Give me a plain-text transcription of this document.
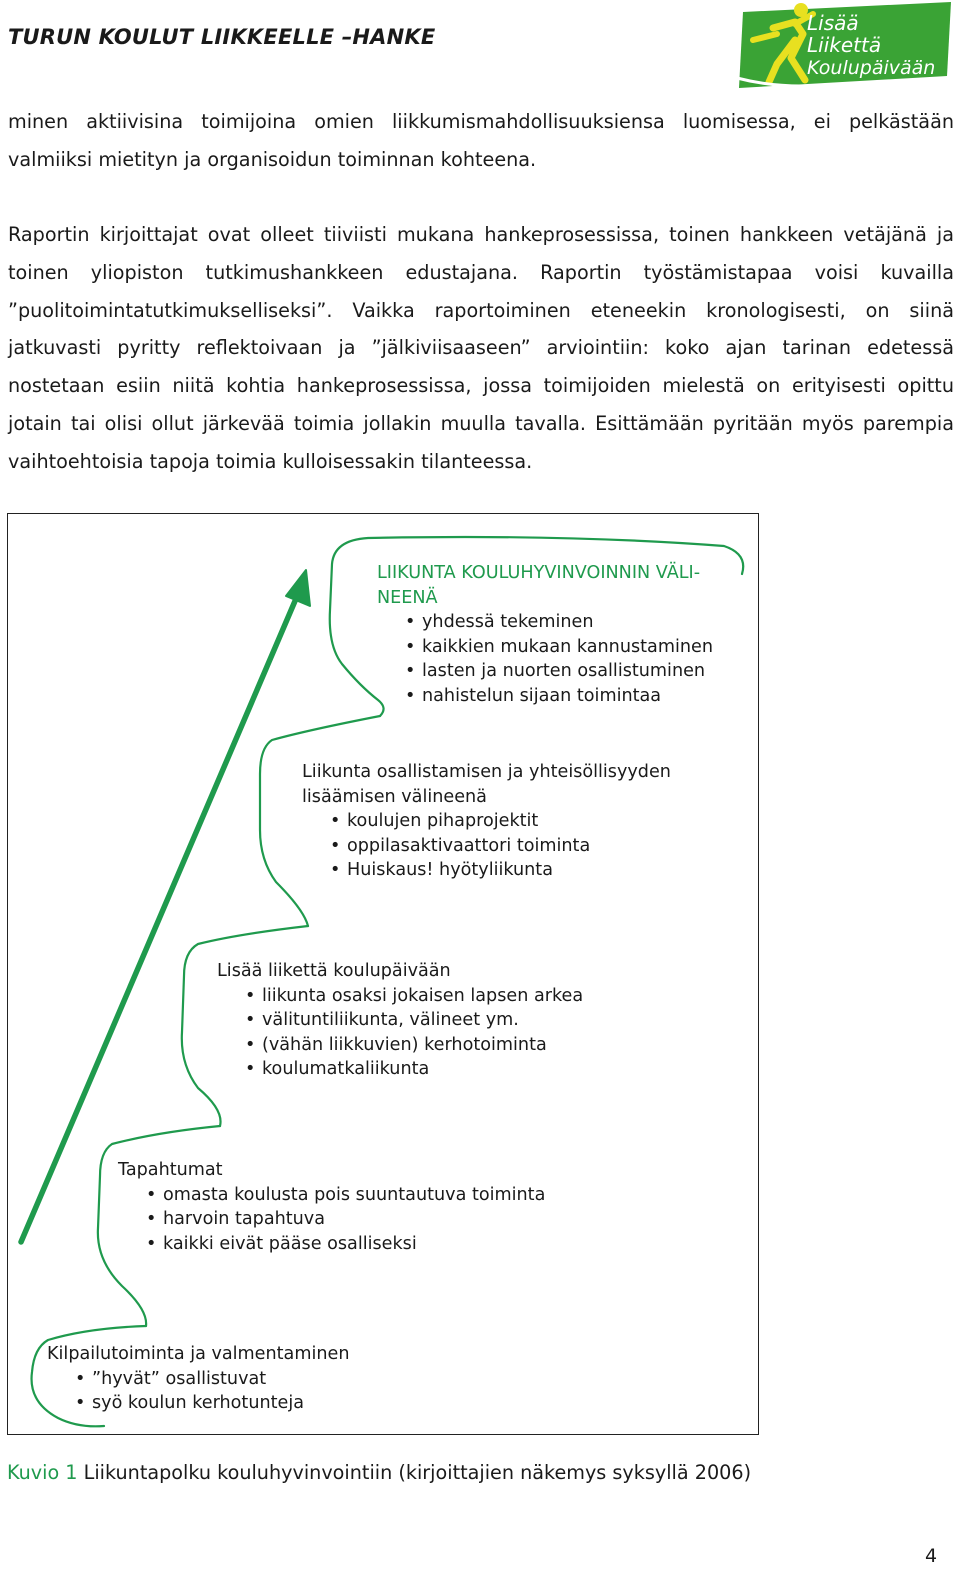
TURUN KOULUT LIIKKEELLE –HANKE
Lisää
Liikettä
Koulupäivään

minen aktiivisina toimijoina omien liikkumismahdollisuuksiensa luomisessa, ei pelkästään valmiiksi mietityn ja organisoidun toiminnan kohteena.

Raportin kirjoittajat ovat olleet tiiviisti mukana hankeprosessissa, toinen hankkeen vetäjänä ja toinen yliopiston tutkimushankkeen edustajana. Raportin työstämistapaa voisi kuvailla ”puolitoimintatutkimukselliseksi”. Vaikka raportoiminen eteneekin kronologisesti, on siinä jatkuvasti pyritty reflektoivaan ja ”jälkiviisaaseen” arviointiin: koko ajan tarinan edetessä nostetaan esiin niitä kohtia hankeprosessissa, jossa toimijoiden mielestä on erityisesti opittu jotain tai olisi ollut järkevää toimia jollakin muulla tavalla. Esittämään pyritään myös parempia vaihtoehtoisia tapoja toimia kulloisessakin tilanteessa.

LIIKUNTA KOULUHYVINVOINNIN VÄLI-
NEENÄ
• yhdessä tekeminen
• kaikkien mukaan kannustaminen
• lasten ja nuorten osallistuminen
• nahistelun sijaan toimintaa
Liikunta osallistamisen ja yhteisöllisyyden
lisäämisen välineenä
• koulujen pihaprojektit
• oppilasaktivaattori toiminta
• Huiskaus! hyötyliikunta
Lisää liikettä koulupäivään
• liikunta osaksi jokaisen lapsen arkea
• välituntiliikunta, välineet ym.
• (vähän liikkuvien) kerhotoiminta
• koulumatkaliikunta
Tapahtumat
• omasta koulusta pois suuntautuva toiminta
• harvoin tapahtuva
• kaikki eivät pääse osalliseksi
Kilpailutoiminta ja valmentaminen
• ”hyvät” osallistuvat
• syö koulun kerhotunteja
Kuvio 1 Liikuntapolku kouluhyvinvointiin (kirjoittajien näkemys syksyllä 2006)
4
